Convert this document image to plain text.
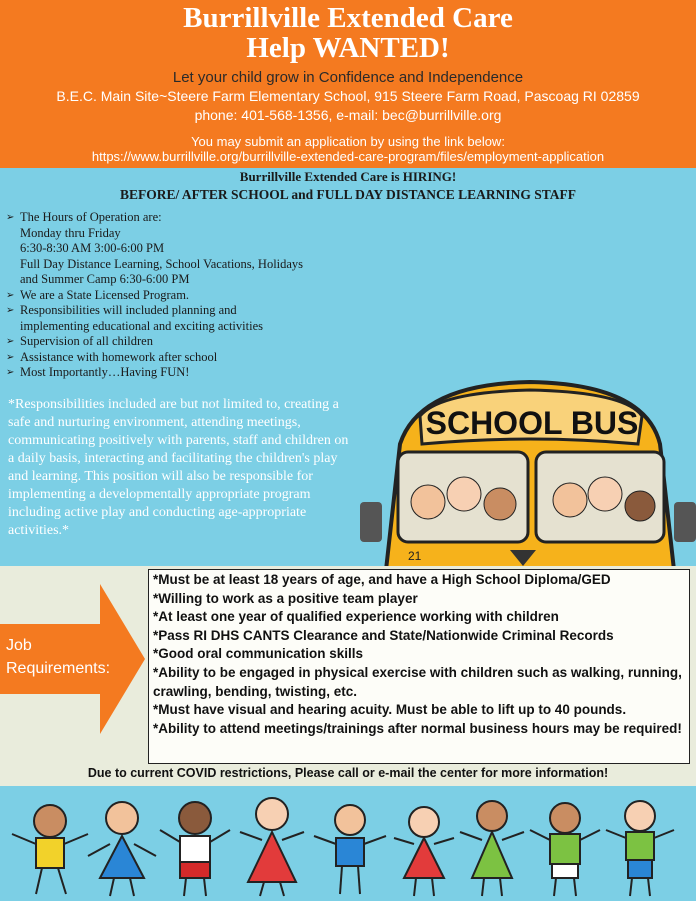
Burrillville Extended Care
Help WANTED!
Let your child grow in Confidence and Independence
B.E.C. Main Site~Steere Farm Elementary School, 915 Steere Farm Road, Pascoag RI 02859
phone: 401-568-1356, e-mail: bec@burrillville.org
You may submit an application by using the link below:
https://www.burrillville.org/burrillville-extended-care-program/files/employment-application
Burrillville Extended Care is HIRING!
BEFORE/ AFTER SCHOOL and FULL DAY DISTANCE LEARNING STAFF
➢ The Hours of Operation are:
Monday thru Friday
6:30-8:30 AM 3:00-6:00 PM
Full Day Distance Learning, School Vacations, Holidays
and Summer Camp 6:30-6:00 PM
➢ We are a State Licensed Program.
➢ Responsibilities will included planning and
implementing educational and exciting activities
➢ Supervision of all children
➢ Assistance with homework after school
➢ Most Importantly…Having FUN!
*Responsibilities included are but not limited to, creating a safe and nurturing environment, attending meetings, communicating positively with parents, staff and children on a daily basis, interacting and facilitating the children's play and learning. This position will also be responsible for implementing a developmentally appropriate program including active play and conducting age-appropriate activities.*
SCHOOL BUS
21
Job
Requirements:
*Must be at least 18 years of age, and have a High School Diploma/GED
*Willing to work as a positive team player
*At least one year of qualified experience working with children
*Pass RI DHS CANTS Clearance and State/Nationwide Criminal Records
*Good oral communication skills
*Ability to be engaged in physical exercise with children such as walking, running, crawling, bending, twisting, etc.
*Must have visual and hearing acuity. Must be able to lift up to 40 pounds.
*Ability to attend meetings/trainings after normal business hours may be required!
Due to current COVID restrictions, Please call or e-mail the center for more information!
